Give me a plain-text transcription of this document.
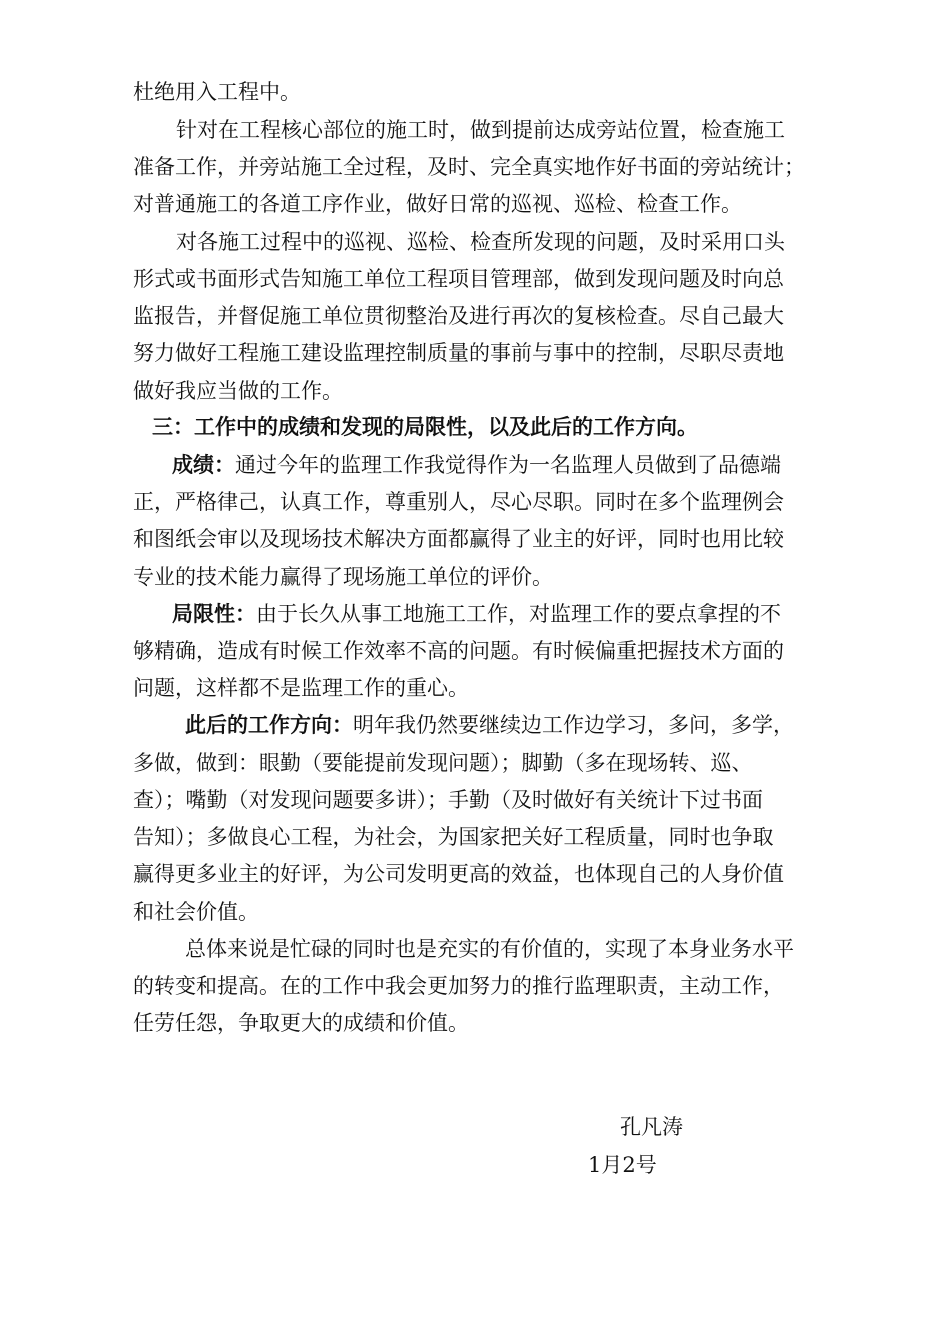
杜绝用入工程中。
针对在工程核心部位的施工时，做到提前达成旁站位置，检查施工
准备工作，并旁站施工全过程，及时、完全真实地作好书面的旁站统计；
对普通施工的各道工序作业，做好日常的巡视、巡检、检查工作。
对各施工过程中的巡视、巡检、检查所发现的问题，及时采用口头
形式或书面形式告知施工单位工程项目管理部，做到发现问题及时向总
监报告，并督促施工单位贯彻整治及进行再次的复核检查。尽自己最大
努力做好工程施工建设监理控制质量的事前与事中的控制，尽职尽责地
做好我应当做的工作。
三：工作中的成绩和发现的局限性，以及此后的工作方向。
成绩：通过今年的监理工作我觉得作为一名监理人员做到了品德端
正，严格律己，认真工作，尊重别人，尽心尽职。同时在多个监理例会
和图纸会审以及现场技术解决方面都赢得了业主的好评，同时也用比较
专业的技术能力赢得了现场施工单位的评价。
局限性：由于长久从事工地施工工作，对监理工作的要点拿捏的不
够精确，造成有时候工作效率不高的问题。有时候偏重把握技术方面的
问题，这样都不是监理工作的重心。
此后的工作方向：明年我仍然要继续边工作边学习，多问，多学，
多做，做到：眼勤（要能提前发现问题）；脚勤（多在现场转、巡、
查）；嘴勤（对发现问题要多讲）；手勤（及时做好有关统计下过书面
告知）；多做良心工程，为社会，为国家把关好工程质量，同时也争取
赢得更多业主的好评，为公司发明更高的效益，也体现自己的人身价值
和社会价值。
总体来说是忙碌的同时也是充实的有价值的，实现了本身业务水平
的转变和提高。在的工作中我会更加努力的推行监理职责，主动工作，
任劳任怨，争取更大的成绩和价值。
孔凡涛
1月2号
